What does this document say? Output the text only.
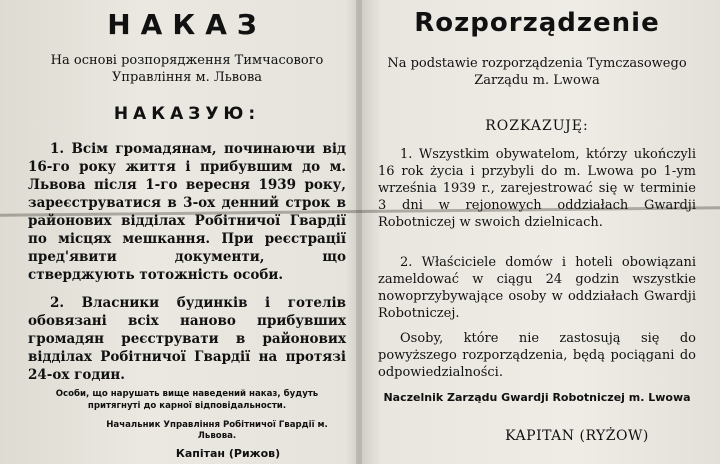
НАКАЗ
На основі розпорядження Тимчасового Управління м. Львова
НАКАЗУЮ:

1. Всім громадянам, починаючи від 16-го року життя і прибувшим до м. Львова після 1-го вересня 1939 року, зареєструватися в 3-ох денний строк в районових відділах Робітничої Гвардії по місцях мешкання. При реєстрації пред'явити документи, що стверджують тотожність особи.

2. Власники будинків і готелів обовязані всіх наново прибувших громадян реєструвати в районових відділах Робітничої Гвардії на протязі 24-ох годин.

Особи, що нарушать вище наведений наказ, будуть притягнуті до карної відповідальности.
Начальник Управління Робітничої Гвардії м. Львова.
Капітан (Рижов)
Rozporządzenie
Na podstawie rozporządzenia Tymczasowego Zarządu m. Lwowa
ROZKAZUJĘ:

1. Wszystkim obywatelom, którzy ukończyli 16 rok życia i przybyli do m. Lwowa po 1-ym września 1939 r., zarejestrować się w terminie 3 dni w rejonowych oddziałach Gwardji Robotniczej w swoich dzielnicach.

2. Właściciele domów i hoteli obowiązani zameldować w ciągu 24 godzin wszystkie nowoprzybywające osoby w oddziałach Gwardji Robotniczej.

Osoby, które nie zastosują się do powyższego rozporządzenia, będą pociągani do odpowiedzialności.

Naczelnik Zarządu Gwardji Robotniczej m. Lwowa
KAPITAN (RYŻOW)
